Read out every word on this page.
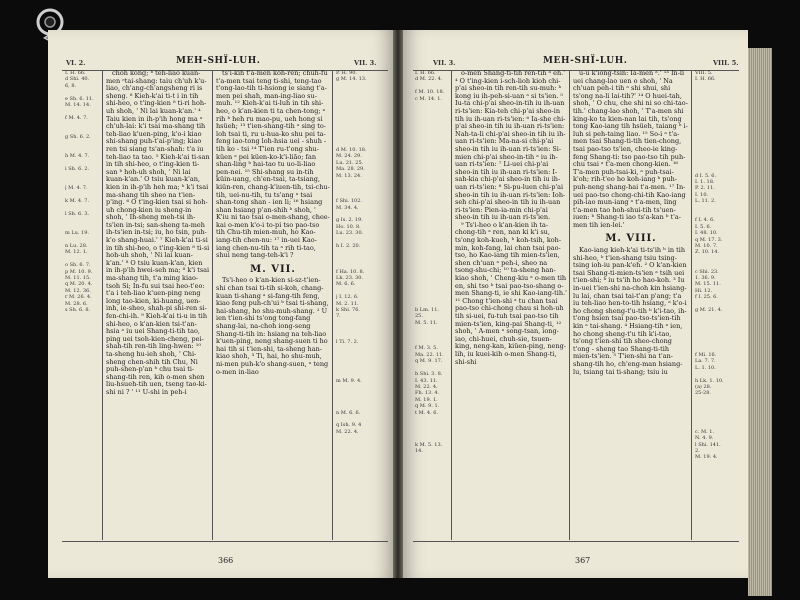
MEH-SHÏ-LUH.
VI. 2.	VII. 3.
I. H. 66.
d Shi. 40.
6, 8.

e Sh. 6. 11.
M. 14. 14.

f M. 4. 7.

g Sh. 6. 2.

h M. 4. 7.

i Sh. 6. 2.

j M. 4. 7.

k M. 4. 7.

l Sh. 6. 3.

m Lu. 19.

n Lu. 28.
M. 12. 1.

o Sh. 6. 7.
p M. 10. 9.
M. 11. 15.
q M. 20. 4.
M. 12. 36.
r M. 26. 4.
M. 28. 6.
s Sh. 6. 8.

choh kong; ᵇ teh-liao kuan-men ᵉtai-shang: taiu ch'uh k'u-liao, ch'ang-ch'angsheng ri is sheng. ⁸ Kieh-k'ai ti-t i in tih shi-heo, o t'ing-kien ⁸ ti-ri hoh-uh shoh, ' Ni lai kuan-k'an.' ⁴ Taiu kien in ih-p'ih hong ma ᵃ ch'uh-lai: k'i tsai ma-shang tih teh-liao k'uen-ping, k'o-i kiao shi-shang puh-t'ai-p'ing; kiao ren tsi siang ts'an-shah: t'a iu teh-liao ta tao. ⁵ Kieh-k'ai ti-san in tih shi-heo, o t'ing-kien ti-san ᵇ hoh-uh shoh, ' Ni lai kuan-k'an.' O tsiu kuan-k'an, kien in ih-p'ih heh ma; ᵇ k'i tsai ma-shang tih sheo na t'ien-p'ing. ⁶ O t'ing-kien tsai si hoh-uh chong-kien iu sheng-in shoh, ' Ih-sheng meh-tsi ih-ts'ien in-tsi; san-sheng ta-meh ih-ts'ien in-tsi; iu, ho tsin, puh-k'o shang-huai.' ⁷ Kieh-k'ai ti-si in tih shi-heo, o t'ing-kien ⁸ ti-si hoh-uh shoh, ' Ni lai kuan-k'an.' ⁸ O tsiu kuan-k'an, kien in ih-p'ih hwei-seh ma; ⁸ k'i tsai ma-shang tih, t'a ming kiao-tsoh Si; In-fu sui tsai heo-t'eo: t'a i teh-liao k'uen-ping neng long tao-kien, ki-huang, uen-inh, ie-sheo, shah-pi shi-ren si-fen-chi-ih. ⁹ Kieh-k'ai ti-u in tih shi-heo, o k'an-kien tsi-t'an-hsia ᵃ iu uei Shang-ti-tih tao, ping uei tsoh-kien-cheng, pei-shah-tih ren-tih ling-hwen: ¹⁰ ta-sheng hu-ieh shoh, ' Chi-sheng chen-shih tih Chu, Ni puh-shen-p'an ᵇ chu tsai ti-shang-tih ren, kih o-men shen liu-hsueh-tih uen, tseng tao-ki-shi ni ? ' ¹¹ U-shi in peh-i

ts'i-kih t'a-men koh-ren; chuh-fu t'a-men tsai teng ti-shi, teng-tao t'ong-lao-tih ti-hsiong ie siang t'a-men pei shah, man-ing-liao su-muh. ¹² Kieh-k'ai ti-luh in tih shi-heo, o k'an-kien ti ta chen-tong; ᵃ rih ᵇ heh ru mao-pu, ueh hong si hsüeh; ¹³ t'ien-shang-tih ᵃ sing to-loh tsai ti, ru u-hua-ko shu pei ta-feng iao-tong loh-hsia uei - shuh - tih ko - tsi ¹⁴ T'ien ru-t'ong shu-küen ᵃ pei küen-ko-k'i-lião; fan shan-ling ᵇ hai-tao tu uo-li-liao pen-nei. ¹⁵ Shi-shang su in-tih küin-uang, ch'en-tsai, ta-tsiang, kiün-ren, chang-k'iuen-tih, tsi-chu-tih, uei-nu-tih, tu ts'ang ᵃ tsai shan-tong shan - ien li; ¹⁶ hsiang shan hsiang p'an-shih ᵇ shoh, ' K'iu ni tao tsai o-men-shang, chee-kai o-men k'o-i to-pi tso pao-tso tih Chu-tih mien-muh, ho Kao-iang-tih chen-nu: ¹⁷ in-uei Kao-iang chen-nu-tih ta ᵃ rih ti-tao, shui neng tang-teh-k'i ?

M. VII.

Ts'i-heo o k'an-kien si-sz-t'ien-shi chan tsai ti-tih si-koh, chang-kuan ti-shang ᵃ si-fang-tih feng, kiao feng puh-ch'ui ᵇ tsai ti-shang, hai-shang, ho shu-muh-shang. ² U ien t'ien-shi ts'ong tong-fang shang-lai, na-choh iong-seng Shang-ti-tih in: hsiang na teh-liao k'uen-ping, neng shang-suen ti ho hai tih si t'ien-shi, ta-sheng han-kiao shoh, ³ Ti, hai, ho shu-muh, ni-men puh-k'o shang-suen, ᵃ teng o-men in-liao

P. H. 90.
g M. 14. 13.

d M. 10. 18.
M. 24. 29.
Lu. 21. 25.
Ma. 28. 29.
M. 13. 24.

f Shi. 102.
M. 34. 4.

g Is. 2. 19.
Ho. 10. 8.
Lu. 23. 30.

h I. 2. 20.

f Ha. 10. 8.
Lk. 23. 30.
M. 6. 6.

j I. 12. 6.
M. 2. 11.
k Shi. 76.
7.

l Ti. 7. 2.

m M. 9. 4.

n M. 6. 6.

q Ish. 9. 4
M. 22. 4.
366
MEH-SHÏ-LUH.
VII. 3.	VIII. 5.
I. H. 66.
d M. 22. 4.

f M. 10. 18.
c M. 14. 1.

b Lm. 11.
25.
M. 5. 11.

f M. 3. 5.
Ma. 22. 11.
q M. 9. 17.

h Shi. 3. 8.
I. 43. 11.
M. 22. 4.
Fh. 13. 4.
M. 19. 1.
q M. 9. 1.
t M. 4. 6.

k M. 5. 13.
14.

o-men Shang-ti-tih ren-tih ᵃ eh.' ⁴ O t'ing-kien i-sch-lioh kioh chi-p'ai sheo-in tih ren-tih su-muh: ᵇ kong iu ih-peh-si-uan ᵃ si ts'ien. ⁵ Iu-ta chi-p'ai sheo-in-tih iu ih-uan ri-ts'ien: Kia-teh chi-p'ai sheo-in tih iu ih-uan ri-ts'ien: ⁶ Ia-she chi-p'ai sheo-in tih iu ih-uan ri-ts'ien: Nah-ta-li chi-p'ai sheo-in tih iu ih-uan ri-ts'ien: Ma-na-si chi-p'ai sheo-in tih iu ih-uan ri-ts'ien: Si-mien chi-p'ai sheo-in-tih ᵃ iu ih-uan ri-ts'ien: ⁷ Li-uei chi-p'ai sheo-in tih iu ih-uan ri-ts'ien: I-sah-kia chi-p'ai sheo-in tih iu ih-uan ri-ts'ien: ⁸ Si-pu-luen chi-p'ai sheo-in tih iu ih-uan ri-ts'ien: Ioh-seh chi-p'ai sheo-in tih iu ih-uan ri-ts'ien: Pien-ia-min chi-p'ai sheo-in tih iu ih-uan ri-ts'ien.

⁹ Ts'i-heo o k'an-kien ih ta-chong-tih ᵃ ren, nan ki k'i su, ts'ong koh-kueh, ᵇ koh-tsih, koh-min, koh-fang, lai chan tsai pao-tso, ho Kao-iang tih mien-ts'ien, shen ch'uan ᵃ peh-i, sheo na tsong-shu-chi; ¹⁰ ta-sheng han-kiao shoh, ' Cheng-kiu ᵃ o-men tih en, shi tso ᵇ tsai pao-tso-shang o-men Shang-ti, ie shi Kao-iang-tih.' ¹¹ Chong t'ien-shi ᵃ tu chan tsai pao-tso chi-chong chau si hoh-uh tih si-uei, fu-tuh tsai pao-tso tih mien-ts'ien, king-pai Shang-ti, ¹² shoh, ' A-men ᵃ song-tsan, iong-iao, chi-huei, chuh-sie, tsuen-king, neng-kan, kiüen-ping, neng-lih, iu kuei-kih o-men Shang-ti, shi-shi

u-u k'iong-tsin: Ia-men ᵃ.' ¹³ In-li uei chang-lao uen o shoh, ' Na ch'uan peh-i tih ᵃ shi shui, shi ts'ong na-li lai-tih?' ¹⁴ O huei-tah, shoh, ' O chu, che shi ni so chi-tao-tih.' chang-lao shoh, ' T'a-men shi king-ko ta kien-nan lai tih, ts'ong tong Kao-iang tih hsüeh, taiang ᵇ i-luh si peh-taing liao. ¹⁵ So-i ᵃ t'a-men tsai Shang-ti-tih tien-chong, tsai pao-tso ts'ien, cheo-ie king-feng Shang-ti: tso pao-tso tih puh-chu tsai ᵃ t'a-men chong-kien. ¹⁶ T'a-men puh-tsai-ki, ᵃ puh-tsai-k'oh; rih-t'eo ho koh-iang ᵇ puh-puh-neng shang-hai t'a-men. ¹⁷ In-uei pao-tso chong-chi-tih Kao-iang pih-iao mun-iang ᵃ t'a-men, ling t'a-men tao hoh-shui-tih ts'uen-iuen: ᵇ Shang-ti iao ts'a-kan ᵇ t'a-men tih ien-lei.'

M. VIII.

Kao-iang kieh-k'ai ti-ts'ih ᵇ in tih shi-heo, ᵇ t'ien-shang tsiu tsing-tsing ioh-iu pan-k'eh. ² O k'an-kien tsai Shang-ti-mien-ts'ien ᵃ tsih uei t'ien-shi; ᵇ iu ts'ih ho hao-koh. ³ Iu in-uei t'ien-shi na-choh kin hsiang-lu lai, chan tsai tai-t'an p'ang; t'a iu teh-liao hen-to-tih hsiang, ᵃ k'o-i ho chong sheng-t'u-tih ᵇ k'i-tao, ih-t'ong hsien tsai pao-tso-ts'ien-tih kin ᵃ tai-shang. ⁴ Hsiang-tih ᵃ ien, ho chong sheng-t'u tih k'i-tao, ts'ong t'ien-shi tih sheo-chong t'ong - sheng tao Shang-ti-tih mien-ts'ien. ⁵ T'ien-shi na t'an-shang-tih ho, ch'eng-man hsiang-lu, tsiang tai ti-shang; tsiu iu

VIII. 5.
I. H. 66.

d I. 5. 6.
I. 1. 18.
P. 2. 11.
I. 10.
L. 11. 2.

f I. 4. 6.
I. 5. 6.
I. 48. 10.
q M. 17. 3.
M. 10. 7.
Z. 10. 14.

c Shi. 23.
1. 36. 9.
M. 15. 11.
Hi. 12.
f I. 25. 6.

g M. 21. 4.

f Mi. 16.
La. 7. 7.
L. 1. 10.

h Lk. 1. 10.
(a) 28.
25-28.

c. M. 1.
N. 4. 9.
l Shi. 141.
2.
M. 19. 4.
367
